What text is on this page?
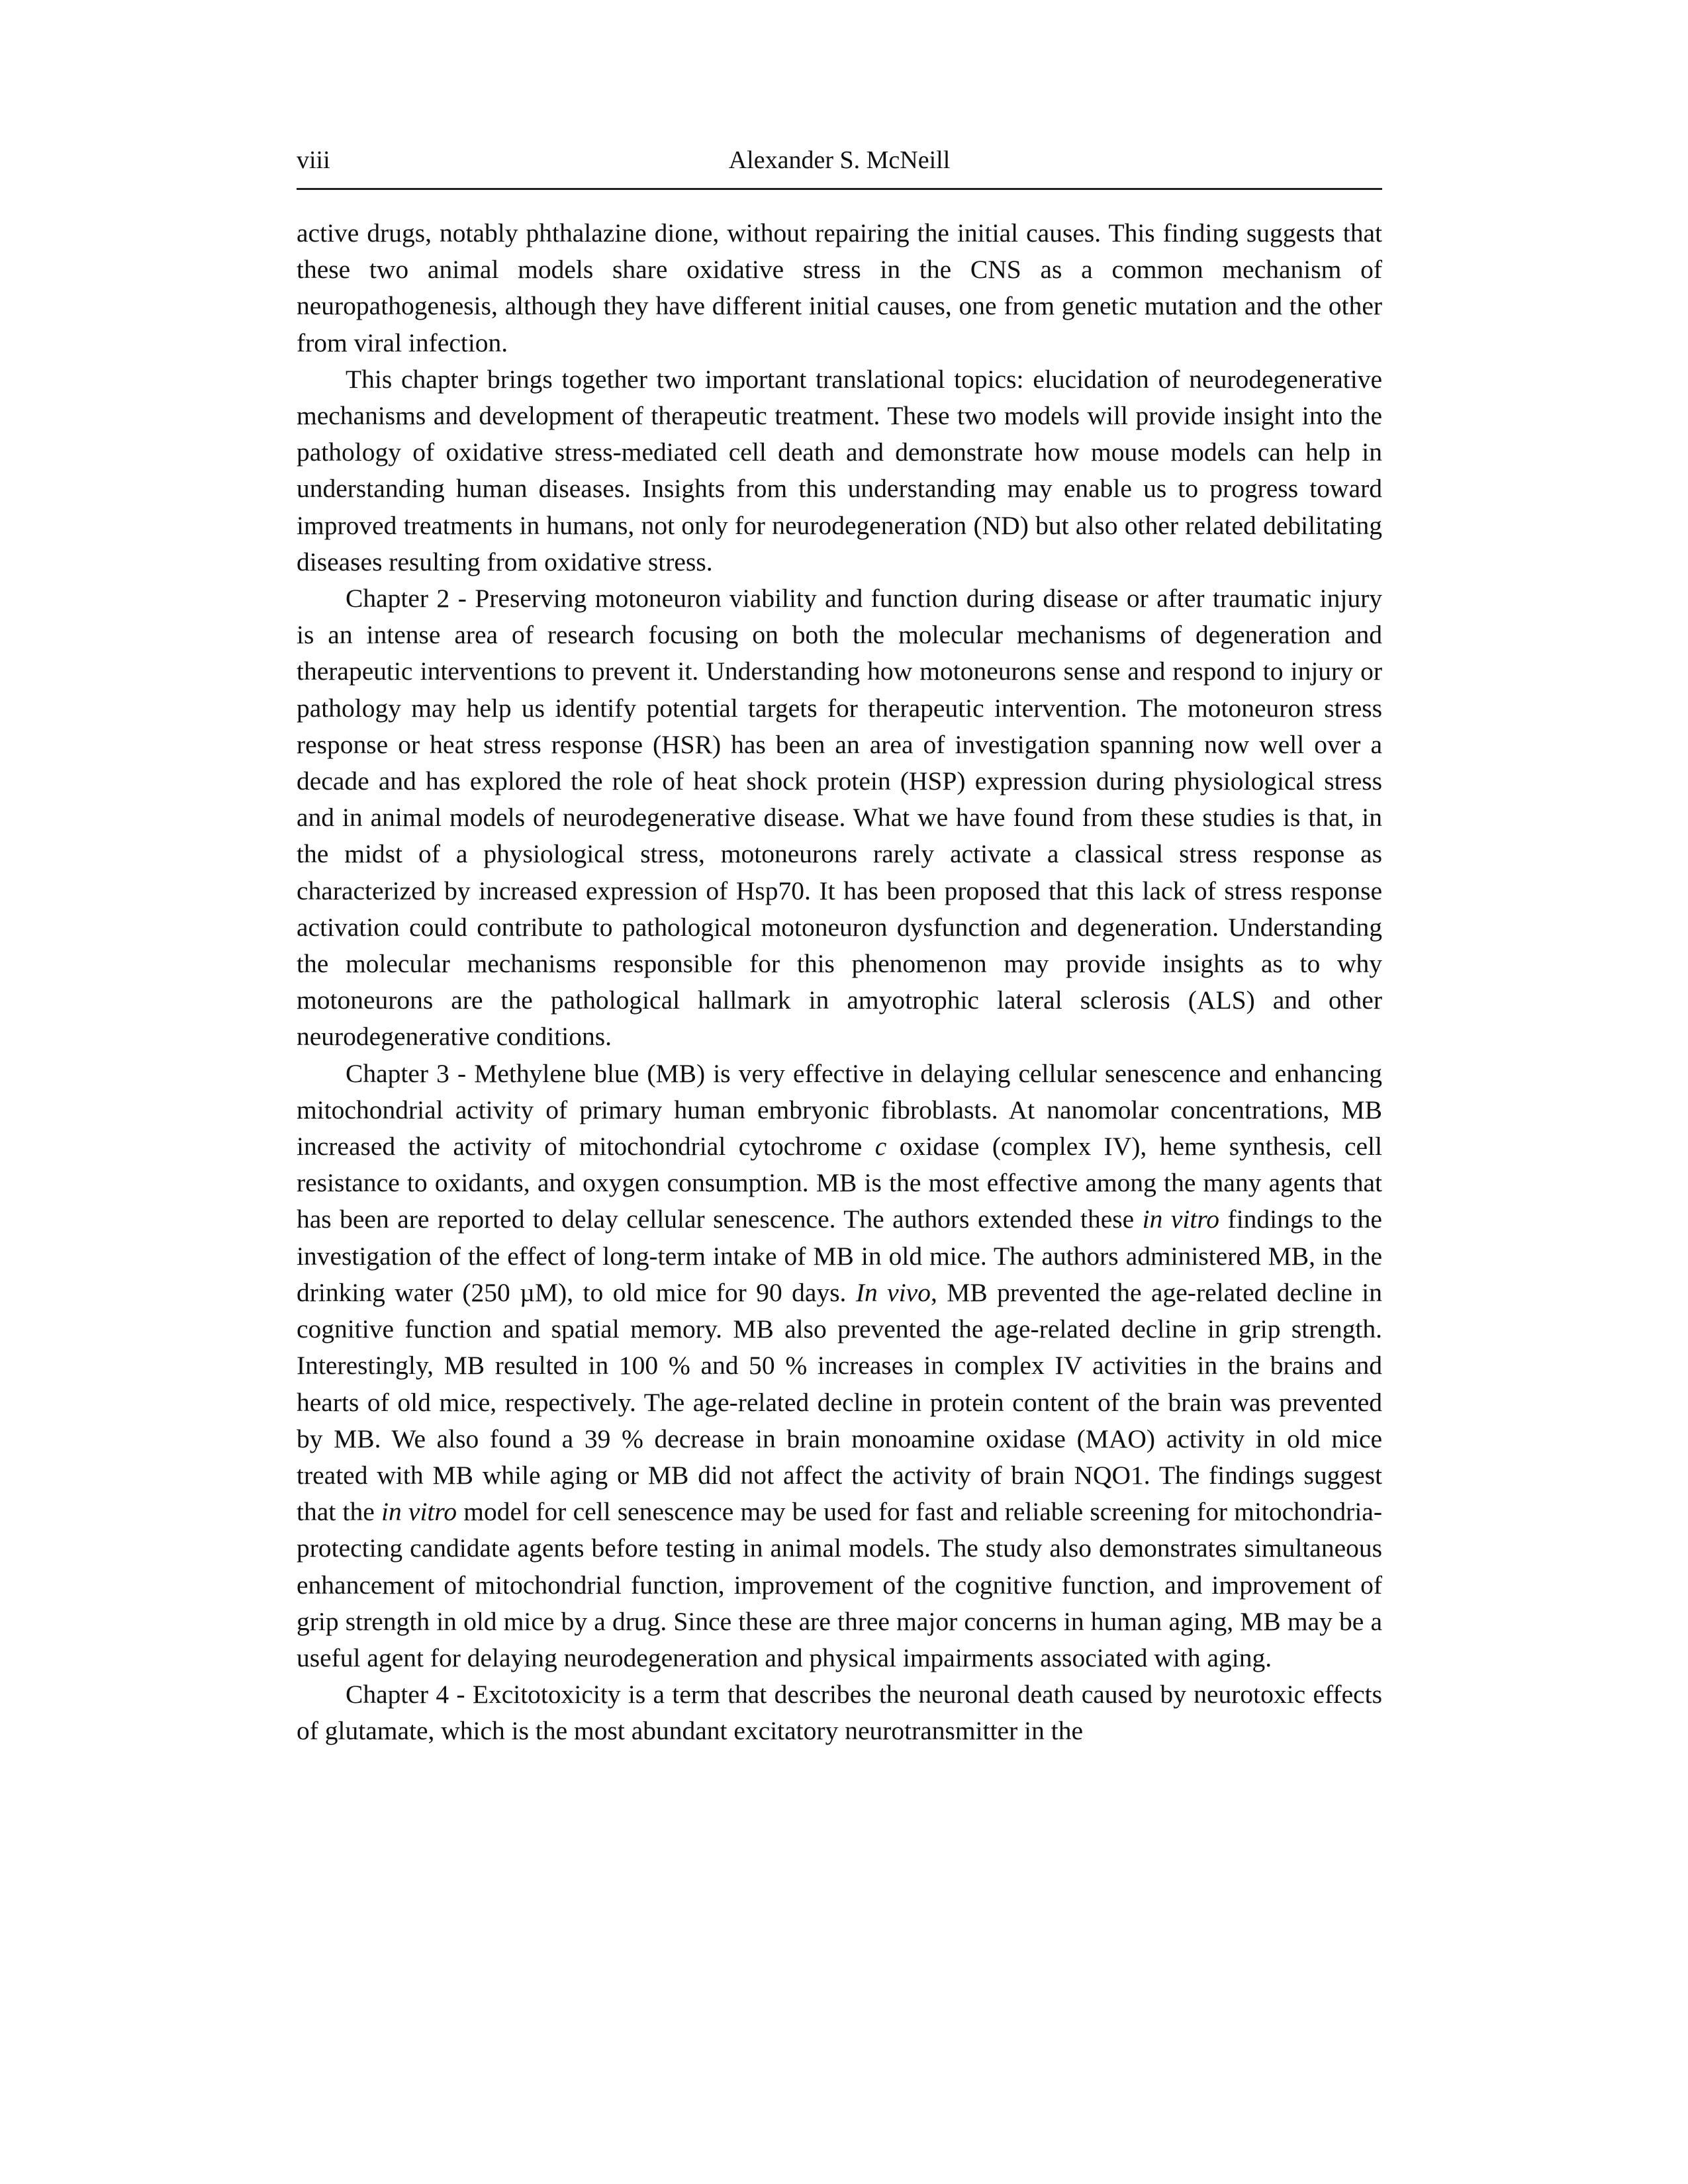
viii	Alexander S. McNeill

active drugs, notably phthalazine dione, without repairing the initial causes. This finding suggests that these two animal models share oxidative stress in the CNS as a common mechanism of neuropathogenesis, although they have different initial causes, one from genetic mutation and the other from viral infection.

This chapter brings together two important translational topics: elucidation of neurodegenerative mechanisms and development of therapeutic treatment. These two models will provide insight into the pathology of oxidative stress-mediated cell death and demonstrate how mouse models can help in understanding human diseases. Insights from this understanding may enable us to progress toward improved treatments in humans, not only for neurodegeneration (ND) but also other related debilitating diseases resulting from oxidative stress.

Chapter 2 - Preserving motoneuron viability and function during disease or after traumatic injury is an intense area of research focusing on both the molecular mechanisms of degeneration and therapeutic interventions to prevent it. Understanding how motoneurons sense and respond to injury or pathology may help us identify potential targets for therapeutic intervention. The motoneuron stress response or heat stress response (HSR) has been an area of investigation spanning now well over a decade and has explored the role of heat shock protein (HSP) expression during physiological stress and in animal models of neurodegenerative disease. What we have found from these studies is that, in the midst of a physiological stress, motoneurons rarely activate a classical stress response as characterized by increased expression of Hsp70. It has been proposed that this lack of stress response activation could contribute to pathological motoneuron dysfunction and degeneration. Understanding the molecular mechanisms responsible for this phenomenon may provide insights as to why motoneurons are the pathological hallmark in amyotrophic lateral sclerosis (ALS) and other neurodegenerative conditions.

Chapter 3 - Methylene blue (MB) is very effective in delaying cellular senescence and enhancing mitochondrial activity of primary human embryonic fibroblasts. At nanomolar concentrations, MB increased the activity of mitochondrial cytochrome c oxidase (complex IV), heme synthesis, cell resistance to oxidants, and oxygen consumption. MB is the most effective among the many agents that has been are reported to delay cellular senescence. The authors extended these in vitro findings to the investigation of the effect of long-term intake of MB in old mice. The authors administered MB, in the drinking water (250 µM), to old mice for 90 days. In vivo, MB prevented the age-related decline in cognitive function and spatial memory. MB also prevented the age-related decline in grip strength. Interestingly, MB resulted in 100 % and 50 % increases in complex IV activities in the brains and hearts of old mice, respectively. The age-related decline in protein content of the brain was prevented by MB. We also found a 39 % decrease in brain monoamine oxidase (MAO) activity in old mice treated with MB while aging or MB did not affect the activity of brain NQO1. The findings suggest that the in vitro model for cell senescence may be used for fast and reliable screening for mitochondria-protecting candidate agents before testing in animal models. The study also demonstrates simultaneous enhancement of mitochondrial function, improvement of the cognitive function, and improvement of grip strength in old mice by a drug. Since these are three major concerns in human aging, MB may be a useful agent for delaying neurodegeneration and physical impairments associated with aging.

Chapter 4 - Excitotoxicity is a term that describes the neuronal death caused by neurotoxic effects of glutamate, which is the most abundant excitatory neurotransmitter in the
